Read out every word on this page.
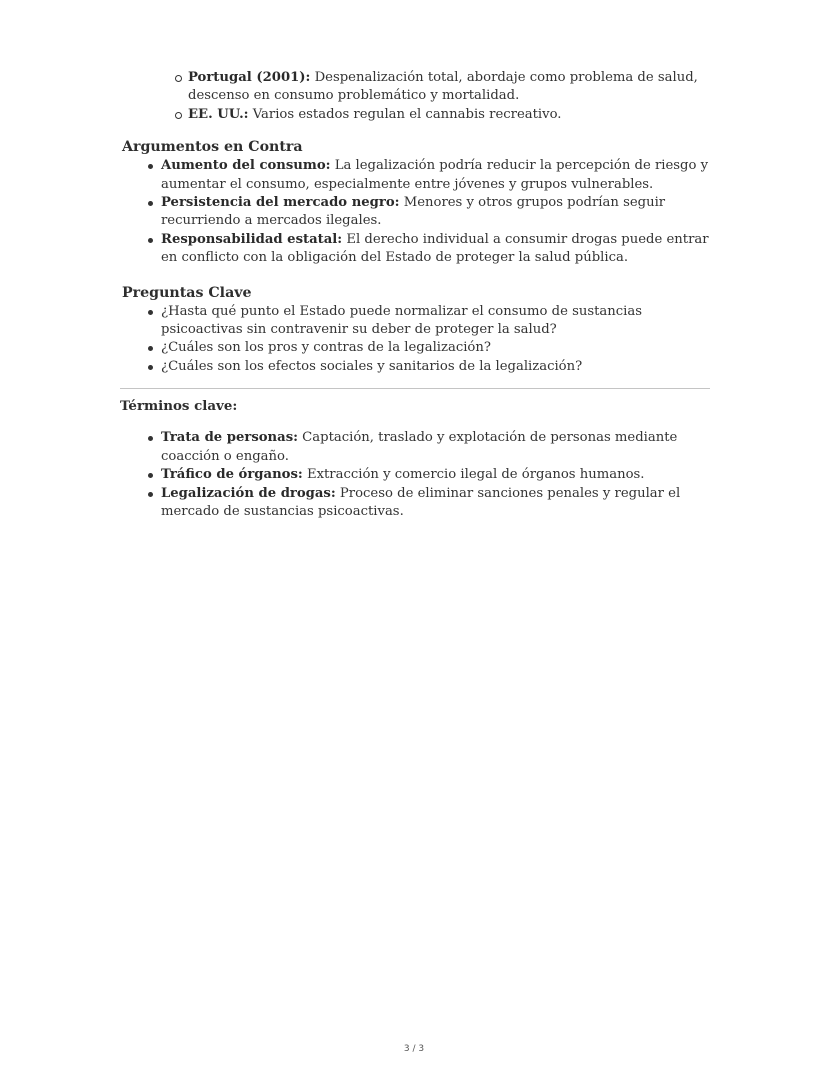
Portugal (2001): Despenalización total, abordaje como problema de salud, descenso en consumo problemático y mortalidad.
EE. UU.: Varios estados regulan el cannabis recreativo.
Argumentos en Contra
Aumento del consumo: La legalización podría reducir la percepción de riesgo y aumentar el consumo, especialmente entre jóvenes y grupos vulnerables.
Persistencia del mercado negro: Menores y otros grupos podrían seguir recurriendo a mercados ilegales.
Responsabilidad estatal: El derecho individual a consumir drogas puede entrar en conflicto con la obligación del Estado de proteger la salud pública.
Preguntas Clave
¿Hasta qué punto el Estado puede normalizar el consumo de sustancias psicoactivas sin contravenir su deber de proteger la salud?
¿Cuáles son los pros y contras de la legalización?
¿Cuáles son los efectos sociales y sanitarios de la legalización?
Términos clave:
Trata de personas: Captación, traslado y explotación de personas mediante coacción o engaño.
Tráfico de órganos: Extracción y comercio ilegal de órganos humanos.
Legalización de drogas: Proceso de eliminar sanciones penales y regular el mercado de sustancias psicoactivas.
3 / 3
